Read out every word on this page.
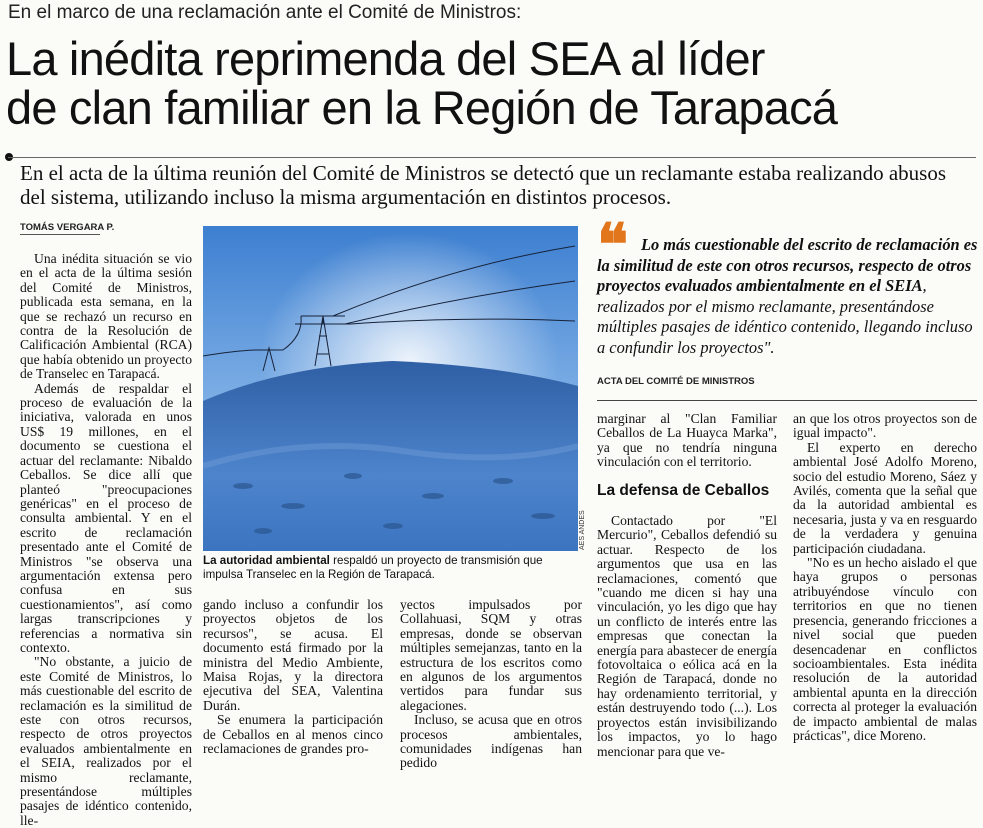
En el marco de una reclamación ante el Comité de Ministros:
La inédita reprimenda del SEA al líder
de clan familiar en la Región de Tarapacá
En el acta de la última reunión del Comité de Ministros se detectó que un reclamante estaba realizando abusos del sistema, utilizando incluso la misma argumentación en distintos procesos.
TOMÁS VERGARA P.

Una inédita situación se vio en el acta de la última sesión del Comité de Ministros, publicada esta semana, en la que se rechazó un recurso en contra de la Resolución de Calificación Ambiental (RCA) que había obtenido un proyecto de Transelec en Tarapacá.

Además de respaldar el proceso de evaluación de la iniciativa, valorada en unos US$ 19 millones, en el documento se cuestiona el actuar del reclamante: Nibaldo Ceballos. Se dice allí que planteó "preocupaciones genéricas" en el proceso de consulta ambiental. Y en el escrito de reclamación presentado ante el Comité de Ministros "se observa una argumentación extensa pero confusa en sus cuestionamientos", así como largas transcripciones y referencias a normativa sin contexto.

"No obstante, a juicio de este Comité de Ministros, lo más cuestionable del escrito de reclamación es la similitud de este con otros recursos, respecto de otros proyectos evaluados ambientalmente en el SEIA, realizados por el mismo reclamante, presentándose múltiples pasajes de idéntico contenido, lle-

AES ANDES
La autoridad ambiental respaldó un proyecto de transmisión que impulsa Transelec en la Región de Tarapacá.

gando incluso a confundir los proyectos objetos de los recursos", se acusa. El documento está firmado por la ministra del Medio Ambiente, Maisa Rojas, y la directora ejecutiva del SEA, Valentina Durán.

Se enumera la participación de Ceballos en al menos cinco reclamaciones de grandes pro-

yectos impulsados por Collahuasi, SQM y otras empresas, donde se observan múltiples semejanzas, tanto en la estructura de los escritos como en algunos de los argumentos vertidos para fundar sus alegaciones.

Incluso, se acusa que en otros procesos ambientales, comunidades indígenas han pedido

❝ Lo más cuestionable del escrito de reclamación es la similitud de este con otros recursos, respecto de otros proyectos evaluados ambientalmente en el SEIA, realizados por el mismo reclamante, presentándose múltiples pasajes de idéntico contenido, llegando incluso a confundir los proyectos".
ACTA DEL COMITÉ DE MINISTROS

marginar al "Clan Familiar Ceballos de La Huayca Marka", ya que no tendría ninguna vinculación con el territorio.

La defensa de Ceballos

Contactado por "El Mercurio", Ceballos defendió su actuar. Respecto de los argumentos que usa en las reclamaciones, comentó que "cuando me dicen si hay una vinculación, yo les digo que hay un conflicto de interés entre las empresas que conectan la energía para abastecer de energía fotovoltaica o eólica acá en la Región de Tarapacá, donde no hay ordenamiento territorial, y están destruyendo todo (...). Los proyectos están invisibilizando los impactos, yo lo hago mencionar para que ve-

an que los otros proyectos son de igual impacto".

El experto en derecho ambiental José Adolfo Moreno, socio del estudio Moreno, Sáez y Avilés, comenta que la señal que da la autoridad ambiental es necesaria, justa y va en resguardo de la verdadera y genuina participación ciudadana.

"No es un hecho aislado el que haya grupos o personas atribuyéndose vínculo con territorios en que no tienen presencia, generando fricciones a nivel social que pueden desencadenar en conflictos socioambientales. Esta inédita resolución de la autoridad ambiental apunta en la dirección correcta al proteger la evaluación de impacto ambiental de malas prácticas", dice Moreno.
